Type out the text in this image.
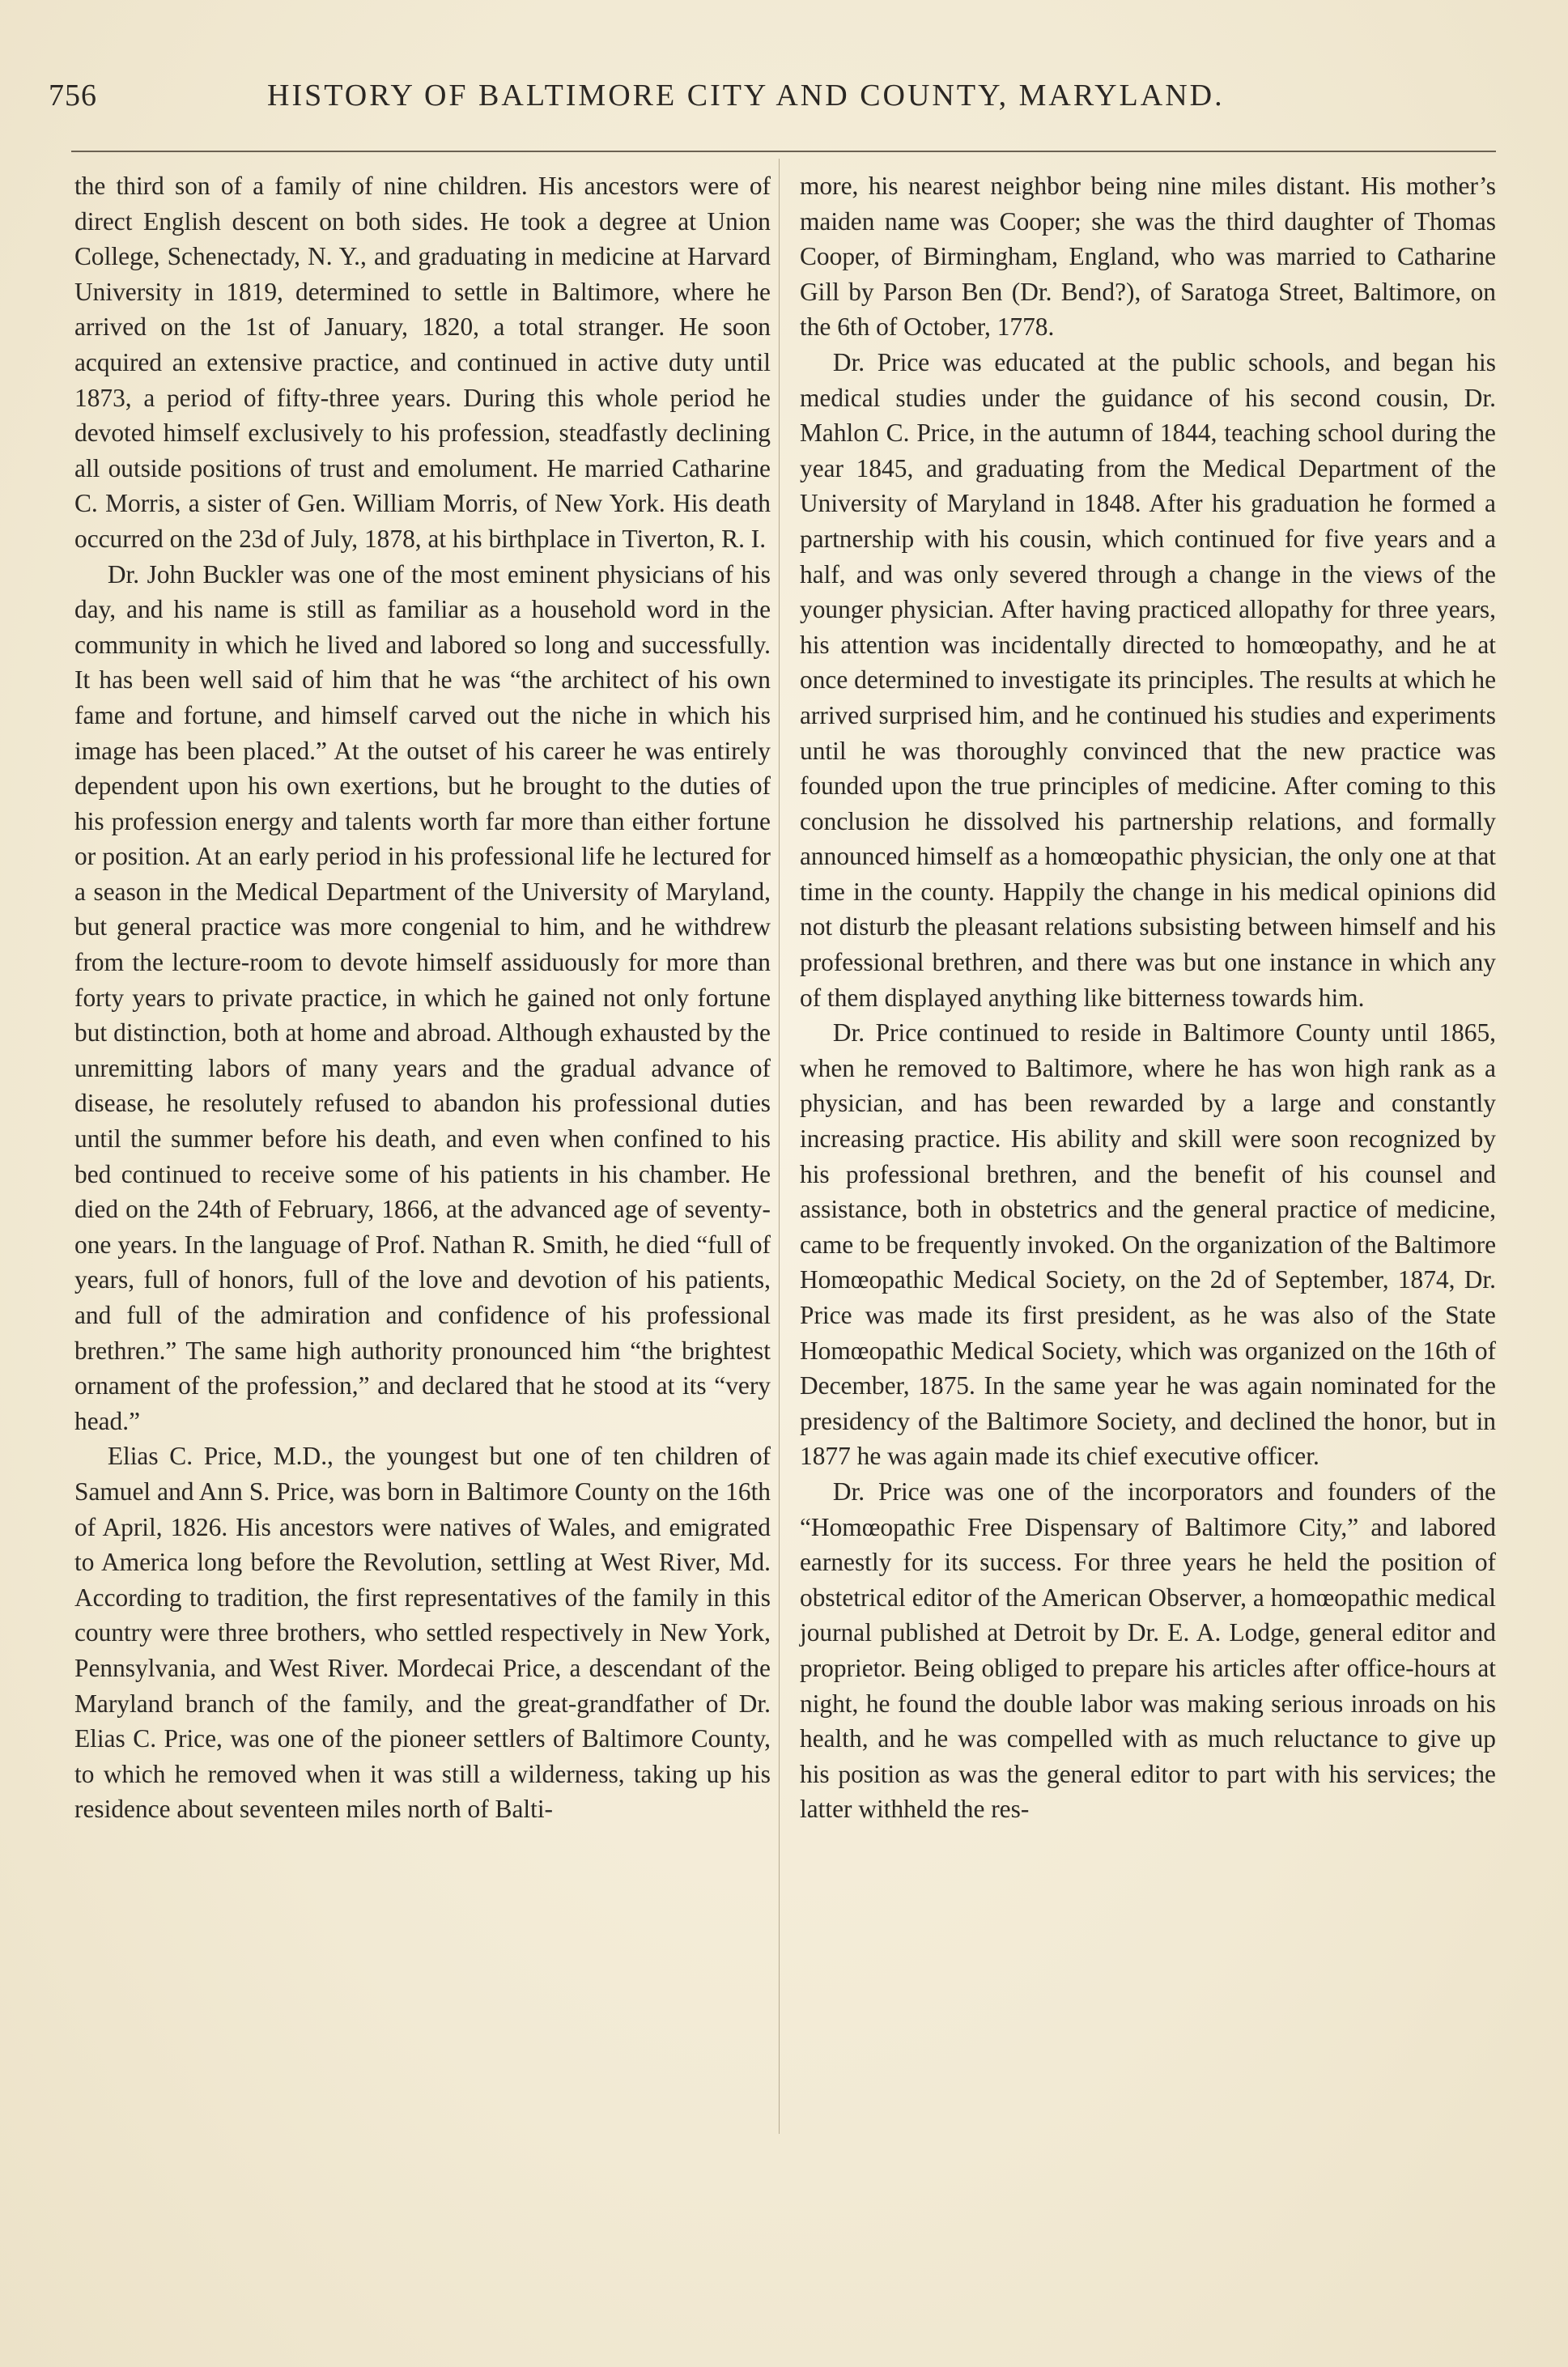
756	HISTORY OF BALTIMORE CITY AND COUNTY, MARYLAND.

the third son of a family of nine children. His ancestors were of direct English descent on both sides. He took a degree at Union College, Schenectady, N. Y., and graduating in medicine at Harvard University in 1819, determined to settle in Baltimore, where he arrived on the 1st of January, 1820, a total stranger. He soon acquired an extensive practice, and continued in active duty until 1873, a period of fifty-three years. During this whole period he devoted himself exclusively to his profession, steadfastly declining all outside positions of trust and emolument. He married Catharine C. Morris, a sister of Gen. William Morris, of New York. His death occurred on the 23d of July, 1878, at his birthplace in Tiverton, R. I.

Dr. John Buckler was one of the most eminent physicians of his day, and his name is still as familiar as a household word in the community in which he lived and labored so long and successfully. It has been well said of him that he was “the architect of his own fame and fortune, and himself carved out the niche in which his image has been placed.” At the outset of his career he was entirely dependent upon his own exertions, but he brought to the duties of his profession energy and talents worth far more than either fortune or position. At an early period in his professional life he lectured for a season in the Medical Department of the University of Maryland, but general practice was more congenial to him, and he withdrew from the lecture-room to devote himself assiduously for more than forty years to private practice, in which he gained not only fortune but distinction, both at home and abroad. Although exhausted by the unremitting labors of many years and the gradual advance of disease, he resolutely refused to abandon his professional duties until the summer before his death, and even when confined to his bed continued to receive some of his patients in his chamber. He died on the 24th of February, 1866, at the advanced age of seventy-one years. In the language of Prof. Nathan R. Smith, he died “full of years, full of honors, full of the love and devotion of his patients, and full of the admiration and confidence of his professional brethren.” The same high authority pronounced him “the brightest ornament of the profession,” and declared that he stood at its “very head.”

Elias C. Price, M.D., the youngest but one of ten children of Samuel and Ann S. Price, was born in Baltimore County on the 16th of April, 1826. His ancestors were natives of Wales, and emigrated to America long before the Revolution, settling at West River, Md. According to tradition, the first representatives of the family in this country were three brothers, who settled respectively in New York, Pennsylvania, and West River. Mordecai Price, a descendant of the Maryland branch of the family, and the great-grandfather of Dr. Elias C. Price, was one of the pioneer settlers of Baltimore County, to which he removed when it was still a wilderness, taking up his residence about seventeen miles north of Balti-

more, his nearest neighbor being nine miles distant. His mother’s maiden name was Cooper; she was the third daughter of Thomas Cooper, of Birmingham, England, who was married to Catharine Gill by Parson Ben (Dr. Bend?), of Saratoga Street, Baltimore, on the 6th of October, 1778.

Dr. Price was educated at the public schools, and began his medical studies under the guidance of his second cousin, Dr. Mahlon C. Price, in the autumn of 1844, teaching school during the year 1845, and graduating from the Medical Department of the University of Maryland in 1848. After his graduation he formed a partnership with his cousin, which continued for five years and a half, and was only severed through a change in the views of the younger physician. After having practiced allopathy for three years, his attention was incidentally directed to homœopathy, and he at once determined to investigate its principles. The results at which he arrived surprised him, and he continued his studies and experiments until he was thoroughly convinced that the new practice was founded upon the true principles of medicine. After coming to this conclusion he dissolved his partnership relations, and formally announced himself as a homœopathic physician, the only one at that time in the county. Happily the change in his medical opinions did not disturb the pleasant relations subsisting between himself and his professional brethren, and there was but one instance in which any of them displayed anything like bitterness towards him.

Dr. Price continued to reside in Baltimore County until 1865, when he removed to Baltimore, where he has won high rank as a physician, and has been rewarded by a large and constantly increasing practice. His ability and skill were soon recognized by his professional brethren, and the benefit of his counsel and assistance, both in obstetrics and the general practice of medicine, came to be frequently invoked. On the organization of the Baltimore Homœopathic Medical Society, on the 2d of September, 1874, Dr. Price was made its first president, as he was also of the State Homœopathic Medical Society, which was organized on the 16th of December, 1875. In the same year he was again nominated for the presidency of the Baltimore Society, and declined the honor, but in 1877 he was again made its chief executive officer.

Dr. Price was one of the incorporators and founders of the “Homœopathic Free Dispensary of Baltimore City,” and labored earnestly for its success. For three years he held the position of obstetrical editor of the American Observer, a homœopathic medical journal published at Detroit by Dr. E. A. Lodge, general editor and proprietor. Being obliged to prepare his articles after office-hours at night, he found the double labor was making serious inroads on his health, and he was compelled with as much reluctance to give up his position as was the general editor to part with his services; the latter withheld the res-
